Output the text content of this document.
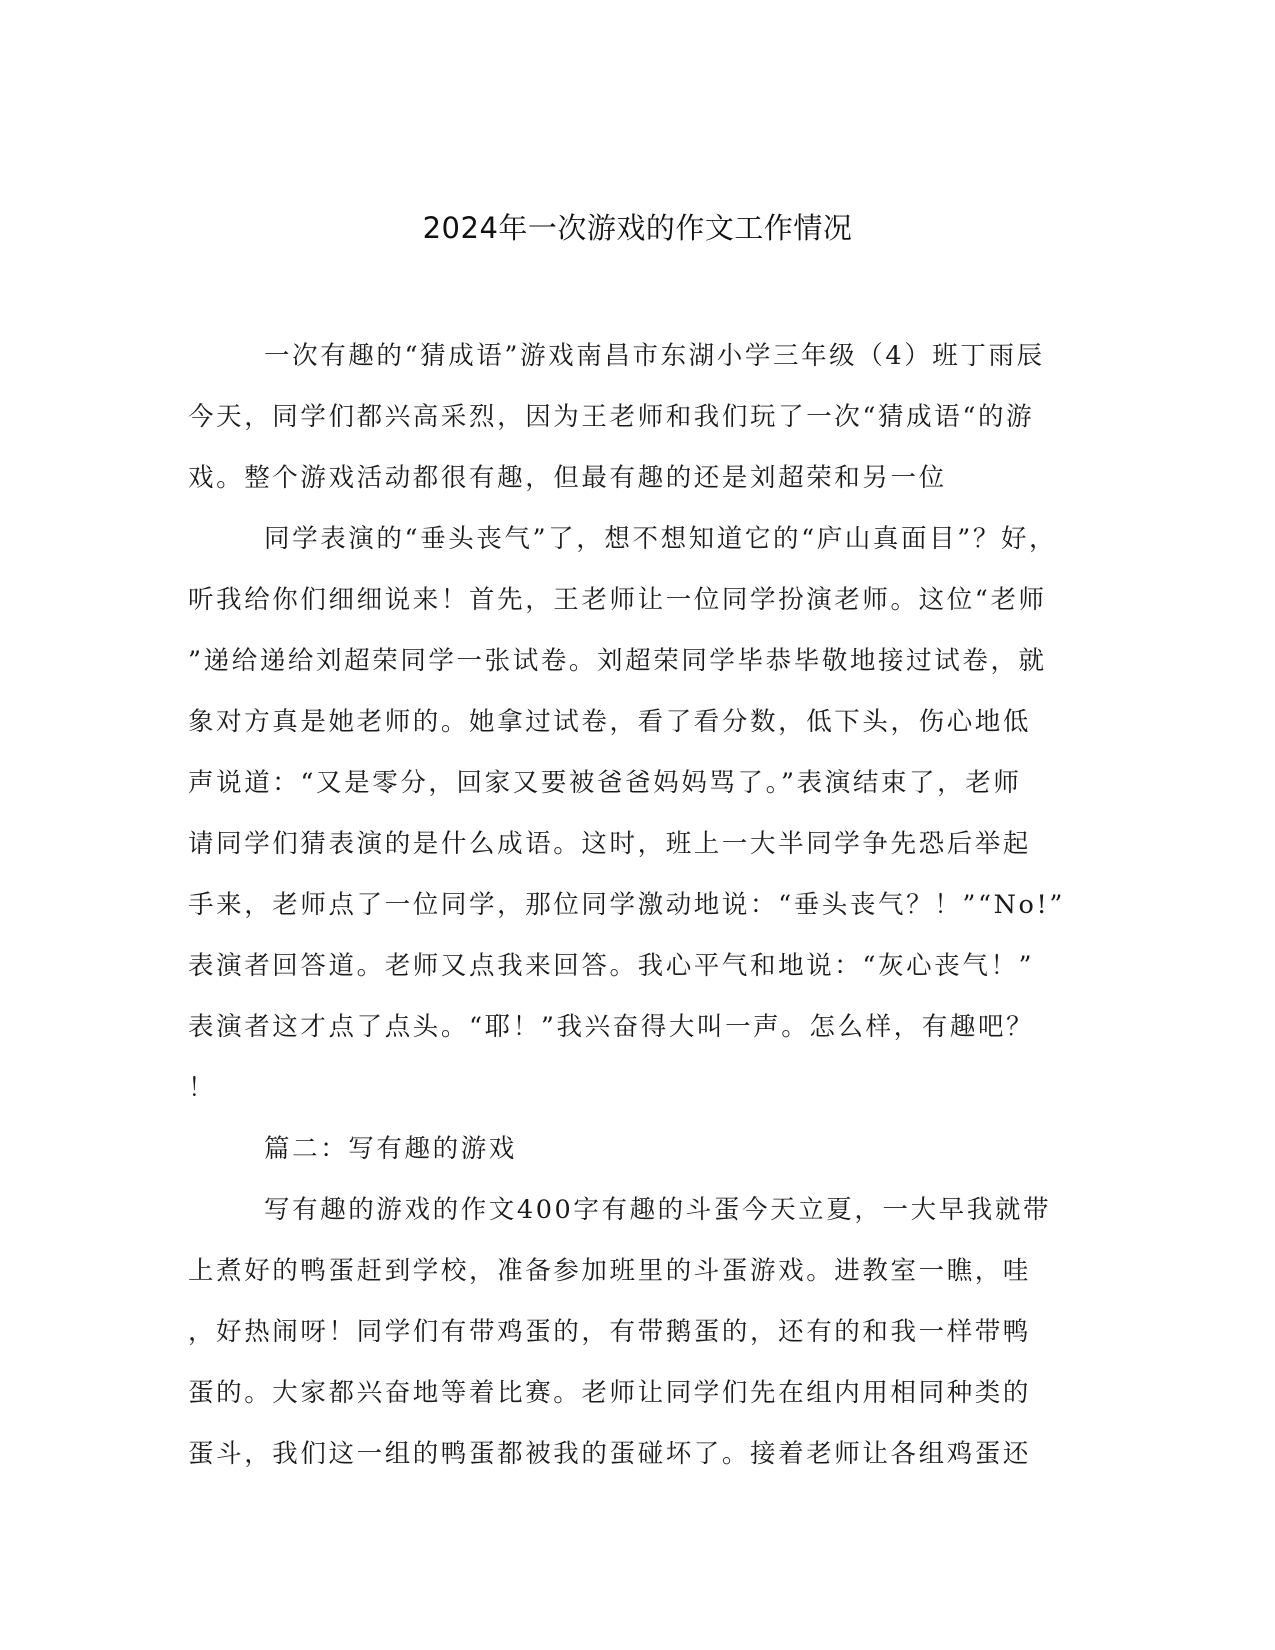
2024年一次游戏的作文工作情况
一次有趣的“猜成语”游戏南昌市东湖小学三年级（4）班丁雨辰
今天，同学们都兴高采烈，因为王老师和我们玩了一次“猜成语“的游
戏。整个游戏活动都很有趣，但最有趣的还是刘超荣和另一位
同学表演的“垂头丧气”了，想不想知道它的“庐山真面目”？好，
听我给你们细细说来！首先，王老师让一位同学扮演老师。这位“老师
”递给递给刘超荣同学一张试卷。刘超荣同学毕恭毕敬地接过试卷，就
象对方真是她老师的。她拿过试卷，看了看分数，低下头，伤心地低
声说道：“又是零分，回家又要被爸爸妈妈骂了。”表演结束了，老师
请同学们猜表演的是什么成语。这时，班上一大半同学争先恐后举起
手来，老师点了一位同学，那位同学激动地说：“垂头丧气？！”“No!”
表演者回答道。老师又点我来回答。我心平气和地说：“灰心丧气！”
表演者这才点了点头。“耶！”我兴奋得大叫一声。怎么样，有趣吧？
！
篇二：写有趣的游戏
写有趣的游戏的作文400字有趣的斗蛋今天立夏，一大早我就带
上煮好的鸭蛋赶到学校，准备参加班里的斗蛋游戏。进教室一瞧，哇
，好热闹呀！同学们有带鸡蛋的，有带鹅蛋的，还有的和我一样带鸭
蛋的。大家都兴奋地等着比赛。老师让同学们先在组内用相同种类的
蛋斗，我们这一组的鸭蛋都被我的蛋碰坏了。接着老师让各组鸡蛋还
